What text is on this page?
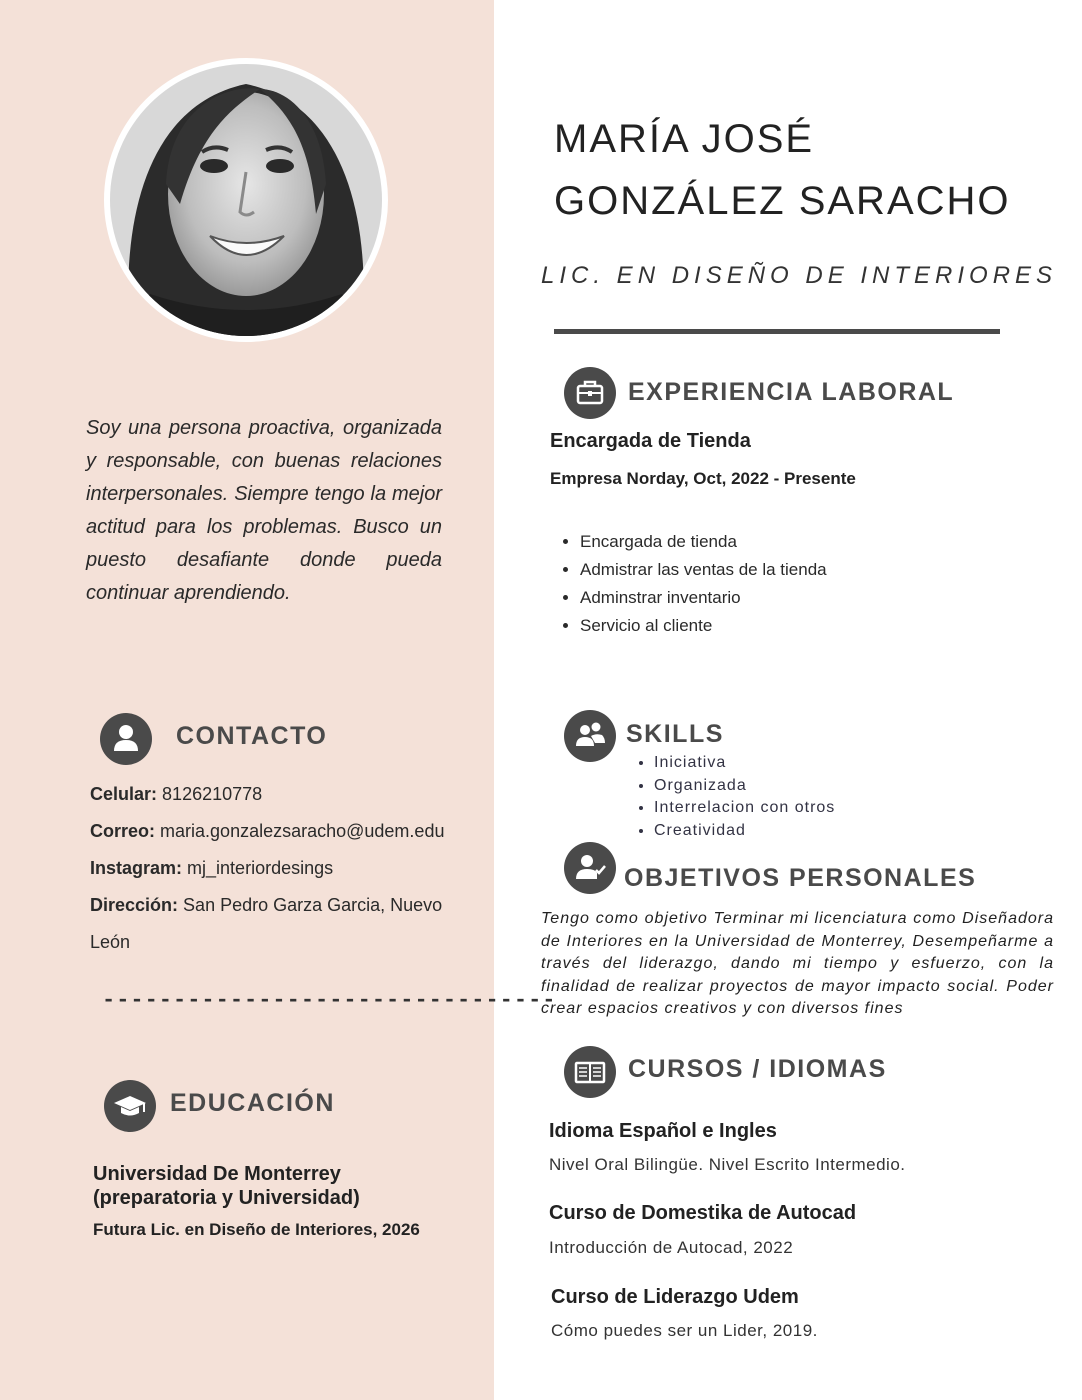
Soy una persona proactiva, organizada y responsable, con buenas relaciones interpersonales. Siempre tengo la mejor actitud para los problemas. Busco un puesto desafiante donde pueda continuar aprendiendo.
CONTACTO
Celular: 8126210778
Correo: maria.gonzalezsaracho@udem.edu
Instagram: mj_interiordesings
Dirección: San Pedro Garza Garcia, Nuevo
León
--------------------------------
EDUCACIÓN
Universidad De Monterrey
(preparatoria y Universidad)
Futura Lic. en Diseño de Interiores, 2026
MARÍA JOSÉ
GONZÁLEZ SARACHO
LIC. EN DISEÑO DE INTERIORES
EXPERIENCIA LABORAL
Encargada de Tienda
Empresa Norday, Oct, 2022 - Presente
• Encargada de tienda
• Admistrar las ventas de la tienda
• Adminstrar inventario
• Servicio al cliente
SKILLS
• Iniciativa
• Organizada
• Interrelacion con otros
• Creatividad
OBJETIVOS PERSONALES
Tengo como objetivo Terminar mi licenciatura como Diseñadora de Interiores en la Universidad de Monterrey, Desempeñarme a través del liderazgo, dando mi tiempo y esfuerzo, con la finalidad de realizar proyectos de mayor impacto social. Poder crear espacios creativos y con diversos fines
CURSOS / IDIOMAS
Idioma Español e Ingles
Nivel Oral Bilingüe. Nivel Escrito Intermedio.
Curso de Domestika de Autocad
Introducción de Autocad, 2022
Curso de Liderazgo Udem
Cómo puedes ser un Lider, 2019.
